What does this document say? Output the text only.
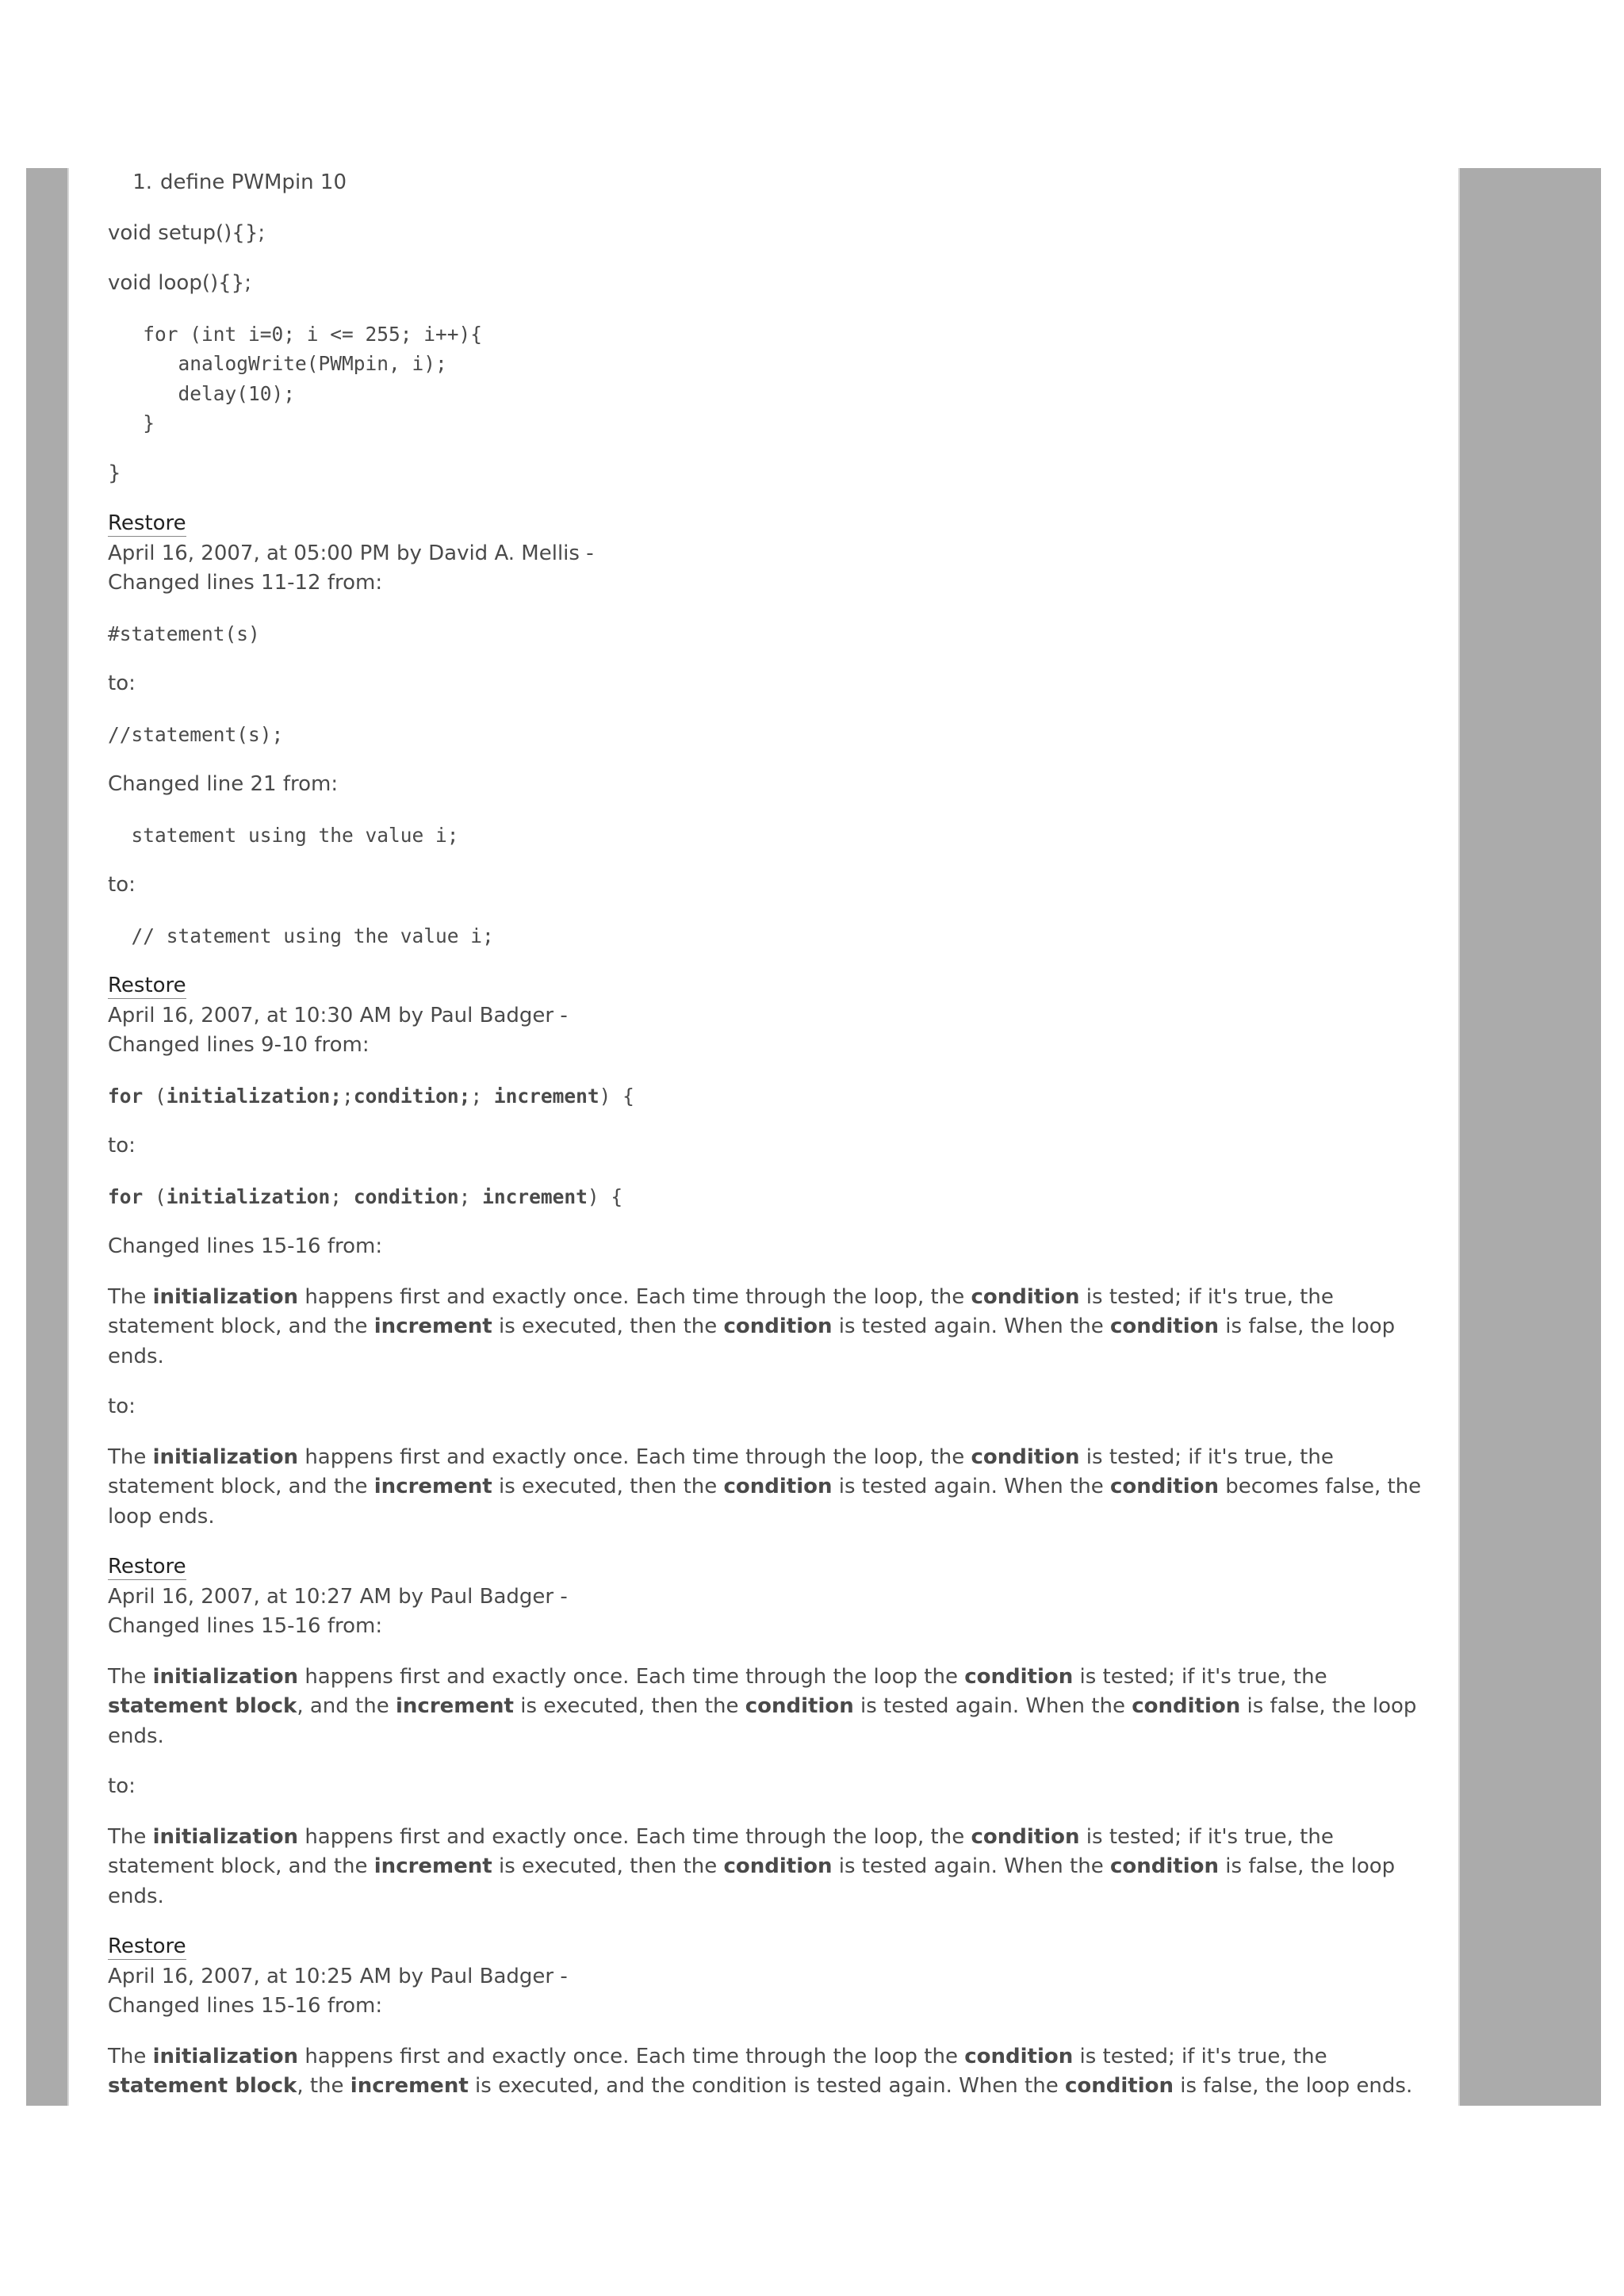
1. define PWMpin 10

void setup(){};

void loop(){};

for (int i=0; i <= 255; i++){
analogWrite(PWMpin, i);
delay(10);
}

}

Restore
April 16, 2007, at 05:00 PM by David A. Mellis -
Changed lines 11-12 from:

#statement(s)

to:

//statement(s);

Changed line 21 from:

statement using the value i;

to:

// statement using the value i;
Restore
April 16, 2007, at 10:30 AM by Paul Badger -
Changed lines 9-10 from:

for (initialization;;condition;; increment) {

to:

for (initialization; condition; increment) {

Changed lines 15-16 from:

The initialization happens first and exactly once. Each time through the loop, the condition is tested; if it's true, the statement block, and the increment is executed, then the condition is tested again. When the condition is false, the loop ends.

to:

The initialization happens first and exactly once. Each time through the loop, the condition is tested; if it's true, the statement block, and the increment is executed, then the condition is tested again. When the condition becomes false, the loop ends.

Restore
April 16, 2007, at 10:27 AM by Paul Badger -
Changed lines 15-16 from:

The initialization happens first and exactly once. Each time through the loop the condition is tested; if it's true, the statement block, and the increment is executed, then the condition is tested again. When the condition is false, the loop ends.

to:

The initialization happens first and exactly once. Each time through the loop, the condition is tested; if it's true, the statement block, and the increment is executed, then the condition is tested again. When the condition is false, the loop ends.

Restore
April 16, 2007, at 10:25 AM by Paul Badger -
Changed lines 15-16 from:

The initialization happens first and exactly once. Each time through the loop the condition is tested; if it's true, the statement block, the increment is executed, and the condition is tested again. When the condition is false, the loop ends.
